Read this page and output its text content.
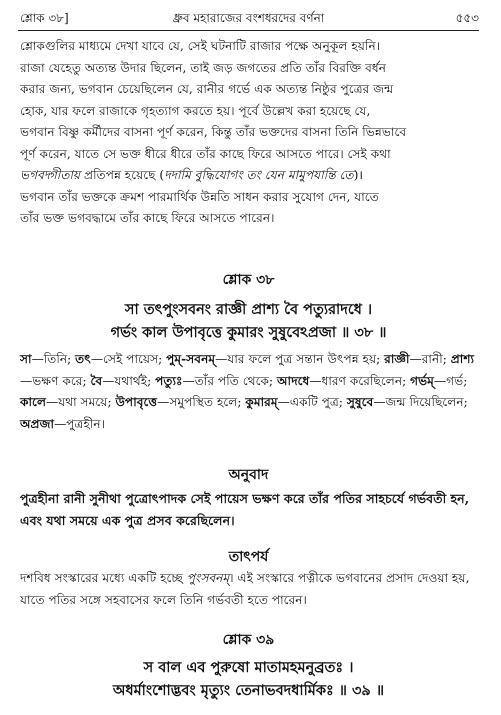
শ্লোক ৩৮]	ধ্রুব মহারাজের বংশধরদের বর্ণনা	৫৫৩
শ্লোকগুলির মাধ্যমে দেখা যাবে যে, সেই ঘটনাটি রাজার পক্ষে অনুকূল হয়নি।
রাজা যেহেতু অত্যন্ত উদার ছিলেন, তাই জড় জগতের প্রতি তাঁর বিরক্তি বর্ধন
করার জন্য, ভগবান চেয়েছিলেন যে, রানীর গর্ভে এক অত্যন্ত নিষ্ঠুর পুত্রের জন্ম
হোক, যার ফলে রাজাকে গৃহত্যাগ করতে হয়। পূর্বে উল্লেখ করা হয়েছে যে,
ভগবান বিষ্ণু কর্মীদের বাসনা পূর্ণ করেন, কিন্তু তাঁর ভক্তদের বাসনা তিনি ভিন্নভাবে
পূর্ণ করেন, যাতে সে ভক্ত ধীরে ধীরে তাঁর কাছে ফিরে আসতে পারে। সেই কথা
ভগবদ্গীতায় প্রতিপন্ন হয়েছে (দদামি বুদ্ধিযোগং তং যেন মামুপযান্তি তে)।
ভগবান তাঁর ভক্তকে ক্রমশ পারমার্থিক উন্নতি সাধন করার সুযোগ দেন, যাতে
তাঁর ভক্ত ভগবদ্ধামে তাঁর কাছে ফিরে আসতে পারেন।
শ্লোক ৩৮
সা তৎপুংসবনং রাজ্ঞী প্রাশ্য বৈ পত্যুরাদধে ।
গর্ভং কাল উপাবৃত্তে কুমারং সুষুবেঽপ্রজা ॥ ৩৮ ॥
সা—তিনি; তৎ—সেই পায়েস; পুম্-সবনম্—যার ফলে পুত্র সন্তান উৎপন্ন হয়; রাজ্ঞী—রানী; প্রাশ্য—ভক্ষণ করে; বৈ—যথার্থই; পত্যুঃ—তাঁর পতি থেকে; আদধে—ধারণ করেছিলেন; গর্ভম্—গর্ভ; কালে—যথা সময়ে; উপাবৃত্তে—সমুপস্থিত হলে; কুমারম্—একটি পুত্র; সুষুবে—জন্ম দিয়েছিলেন; অপ্রজা—পুত্রহীন।
অনুবাদ
পুত্রহীনা রানী সুনীথা পুত্রোৎপাদক সেই পায়েস ভক্ষণ করে তাঁর পতির সাহচর্যে গর্ভবতী হন, এবং যথা সময়ে এক পুত্র প্রসব করেছিলেন।
তাৎপর্য
দশবিধ সংস্কারের মধ্যে একটি হচ্ছে পুংসবনম্। এই সংস্কারে পত্নীকে ভগবানের প্রসাদ দেওয়া হয়, যাতে পতির সঙ্গে সহবাসের ফলে তিনি গর্ভবতী হতে পারেন।
শ্লোক ৩৯
স বাল এব পুরুষো মাতামহমনুব্রতঃ ।
অধর্মাংশোদ্ভবং মৃত্যুং তেনাভবদধার্মিকঃ ॥ ৩৯ ॥
